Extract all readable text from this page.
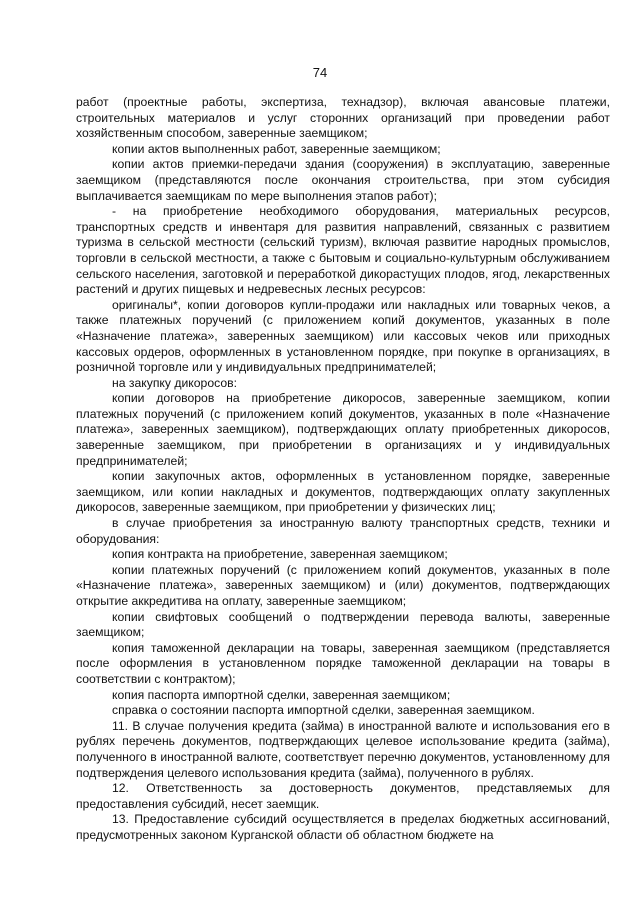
74

работ (проектные работы, экспертиза, технадзор), включая авансовые платежи, строительных материалов и услуг сторонних организаций при проведении работ хозяйственным способом, заверенные заемщиком;

копии актов выполненных работ, заверенные заемщиком;

копии актов приемки-передачи здания (сооружения) в эксплуатацию, заверенные заемщиком (представляются после окончания строительства, при этом субсидия выплачивается заемщикам по мере выполнения этапов работ);

- на приобретение необходимого оборудования, материальных ресурсов, транспортных средств и инвентаря для развития направлений, связанных с развитием туризма в сельской местности (сельский туризм), включая развитие народных промыслов, торговли в сельской местности, а также с бытовым и социально-культурным обслуживанием сельского населения, заготовкой и переработкой дикорастущих плодов, ягод, лекарственных растений и других пищевых и недревесных лесных ресурсов:

оригиналы*, копии договоров купли-продажи или накладных или товарных чеков, а также платежных поручений (с приложением копий документов, указанных в поле «Назначение платежа», заверенных заемщиком) или кассовых чеков или приходных кассовых ордеров, оформленных в установленном порядке, при покупке в организациях, в розничной торговле или у индивидуальных предпринимателей;

на закупку дикоросов:

копии договоров на приобретение дикоросов, заверенные заемщиком, копии платежных поручений (с приложением копий документов, указанных в поле «Назначение платежа», заверенных заемщиком), подтверждающих оплату приобретенных дикоросов, заверенные заемщиком, при приобретении в организациях и у индивидуальных предпринимателей;

копии закупочных актов, оформленных в установленном порядке, заверенные заемщиком, или копии накладных и документов, подтверждающих оплату закупленных дикоросов, заверенные заемщиком, при приобретении у физических лиц;

в случае приобретения за иностранную валюту транспортных средств, техники и оборудования:

копия контракта на приобретение, заверенная заемщиком;

копии платежных поручений (с приложением копий документов, указанных в поле «Назначение платежа», заверенных заемщиком) и (или) документов, подтверждающих открытие аккредитива на оплату, заверенные заемщиком;

копии свифтовых сообщений о подтверждении перевода валюты, заверенные заемщиком;

копия таможенной декларации на товары, заверенная заемщиком (представляется после оформления в установленном порядке таможенной декларации на товары в соответствии с контрактом);

копия паспорта импортной сделки, заверенная заемщиком;

справка о состоянии паспорта импортной сделки, заверенная заемщиком.

11. В случае получения кредита (займа) в иностранной валюте и использования его в рублях перечень документов, подтверждающих целевое использование кредита (займа), полученного в иностранной валюте, соответствует перечню документов, установленному для подтверждения целевого использования кредита (займа), полученного в рублях.

12. Ответственность за достоверность документов, представляемых для предоставления субсидий, несет заемщик.

13. Предоставление субсидий осуществляется в пределах бюджетных ассигнований, предусмотренных законом Курганской области об областном бюджете на
